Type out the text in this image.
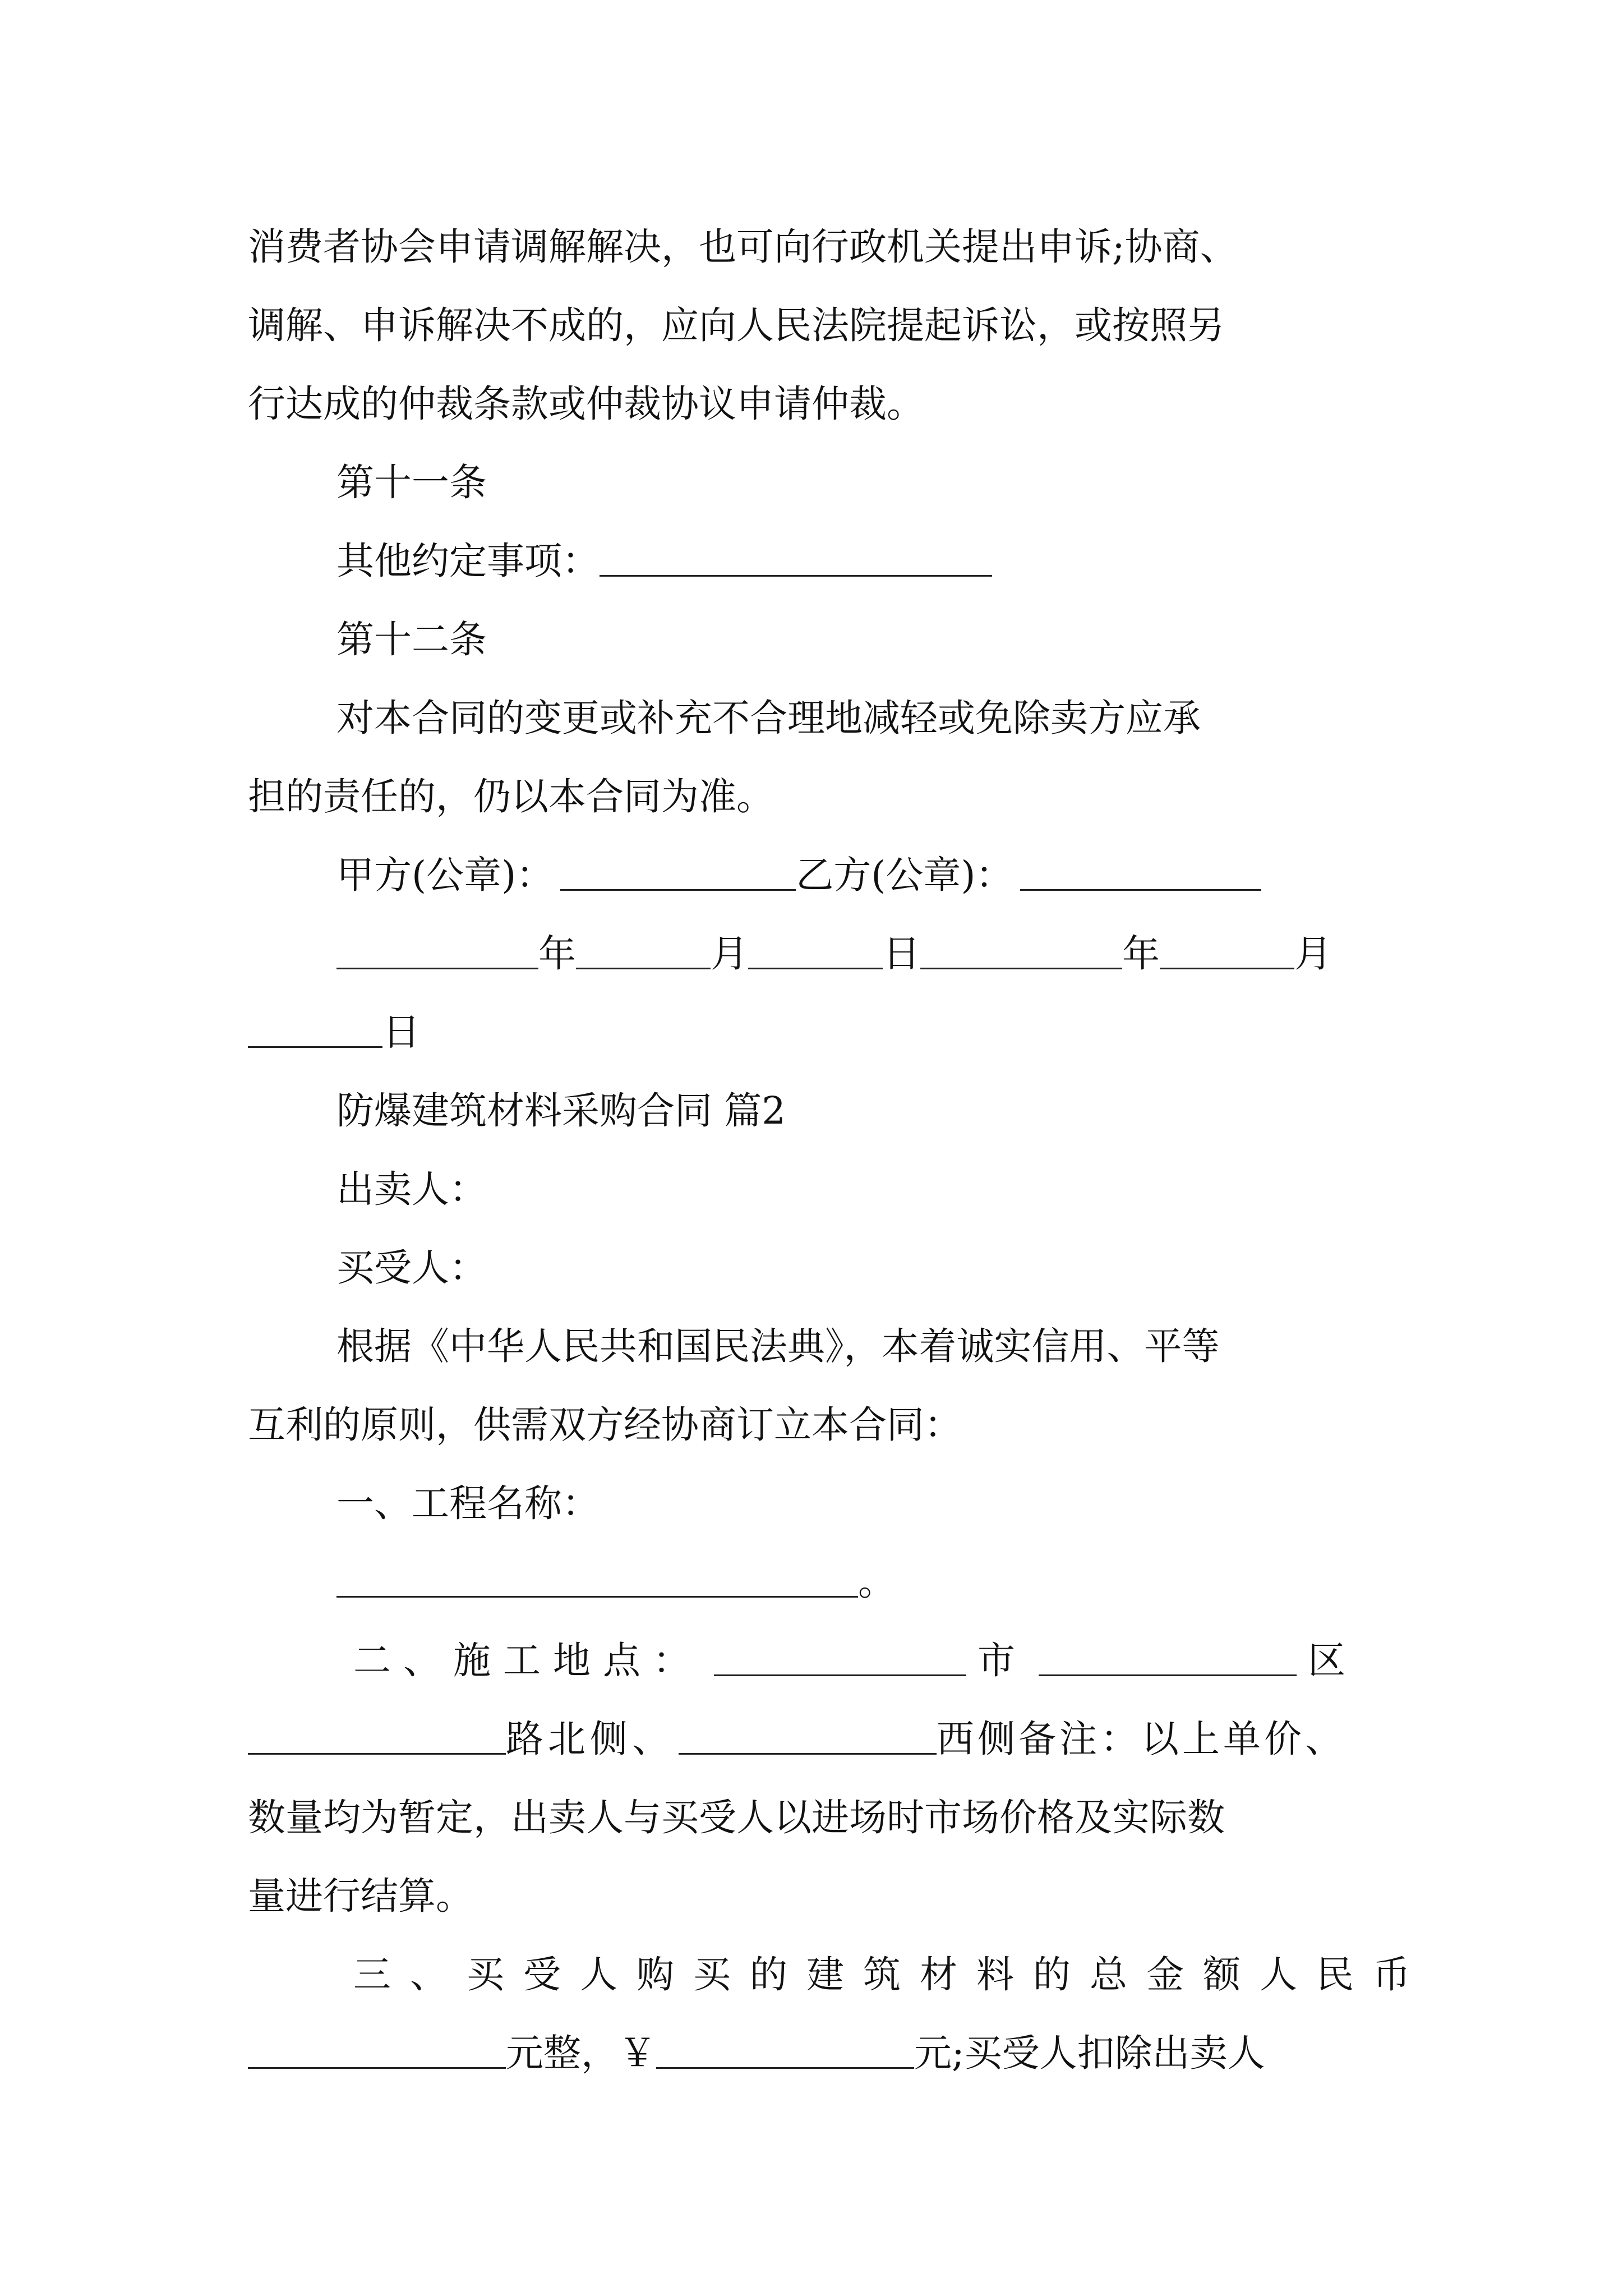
消费者协会申请调解解决，也可向行政机关提出申诉;协商、
调解、申诉解决不成的，应向人民法院提起诉讼，或按照另
行达成的仲裁条款或仲裁协议申请仲裁。
第十一条
其他约定事项：
第十二条
对本合同的变更或补充不合理地减轻或免除卖方应承
担的责任的，仍以本合同为准。
甲方(公章)：	乙方(公章)：
年	月	日	年	月
日
防爆建筑材料采购合同 篇2
出卖人：
买受人：
根据《中华人民共和国民法典》，本着诚实信用、平等
互利的原则，供需双方经协商订立本合同：
一、工程名称：
。
二、施工地点：	市	区
路北侧、	西侧备注：以上单价、
数量均为暂定，出卖人与买受人以进场时市场价格及实际数
量进行结算。
三、买受人购买的建筑材料的总金额人民币
元整，￥	元;买受人扣除出卖人
